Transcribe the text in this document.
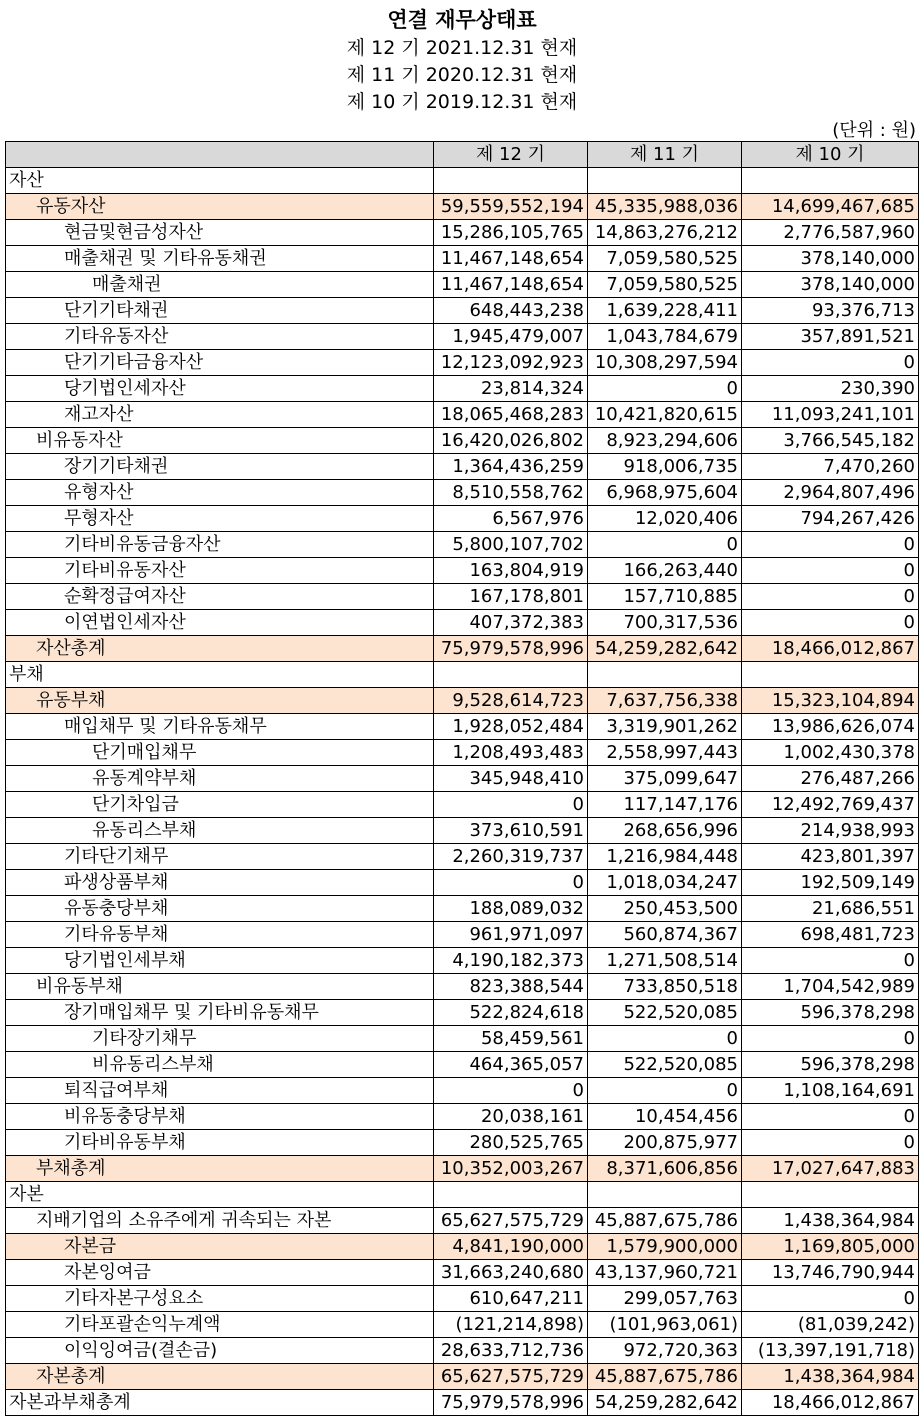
연결 재무상태표
제 12 기 2021.12.31 현재
제 11 기 2020.12.31 현재
제 10 기 2019.12.31 현재
(단위 : 원)
	제 12 기	제 11 기	제 10 기
자산			
유동자산	59,559,552,194	45,335,988,036	14,699,467,685
현금및현금성자산	15,286,105,765	14,863,276,212	2,776,587,960
매출채권 및 기타유동채권	11,467,148,654	7,059,580,525	378,140,000
매출채권	11,467,148,654	7,059,580,525	378,140,000
단기기타채권	648,443,238	1,639,228,411	93,376,713
기타유동자산	1,945,479,007	1,043,784,679	357,891,521
단기기타금융자산	12,123,092,923	10,308,297,594	0
당기법인세자산	23,814,324	0	230,390
재고자산	18,065,468,283	10,421,820,615	11,093,241,101
비유동자산	16,420,026,802	8,923,294,606	3,766,545,182
장기기타채권	1,364,436,259	918,006,735	7,470,260
유형자산	8,510,558,762	6,968,975,604	2,964,807,496
무형자산	6,567,976	12,020,406	794,267,426
기타비유동금융자산	5,800,107,702	0	0
기타비유동자산	163,804,919	166,263,440	0
순확정급여자산	167,178,801	157,710,885	0
이연법인세자산	407,372,383	700,317,536	0
자산총계	75,979,578,996	54,259,282,642	18,466,012,867
부채			
유동부채	9,528,614,723	7,637,756,338	15,323,104,894
매입채무 및 기타유동채무	1,928,052,484	3,319,901,262	13,986,626,074
단기매입채무	1,208,493,483	2,558,997,443	1,002,430,378
유동계약부채	345,948,410	375,099,647	276,487,266
단기차입금	0	117,147,176	12,492,769,437
유동리스부채	373,610,591	268,656,996	214,938,993
기타단기채무	2,260,319,737	1,216,984,448	423,801,397
파생상품부채	0	1,018,034,247	192,509,149
유동충당부채	188,089,032	250,453,500	21,686,551
기타유동부채	961,971,097	560,874,367	698,481,723
당기법인세부채	4,190,182,373	1,271,508,514	0
비유동부채	823,388,544	733,850,518	1,704,542,989
장기매입채무 및 기타비유동채무	522,824,618	522,520,085	596,378,298
기타장기채무	58,459,561	0	0
비유동리스부채	464,365,057	522,520,085	596,378,298
퇴직급여부채	0	0	1,108,164,691
비유동충당부채	20,038,161	10,454,456	0
기타비유동부채	280,525,765	200,875,977	0
부채총계	10,352,003,267	8,371,606,856	17,027,647,883
자본			
지배기업의 소유주에게 귀속되는 자본	65,627,575,729	45,887,675,786	1,438,364,984
자본금	4,841,190,000	1,579,900,000	1,169,805,000
자본잉여금	31,663,240,680	43,137,960,721	13,746,790,944
기타자본구성요소	610,647,211	299,057,763	0
기타포괄손익누계액	(121,214,898)	(101,963,061)	(81,039,242)
이익잉여금(결손금)	28,633,712,736	972,720,363	(13,397,191,718)
자본총계	65,627,575,729	45,887,675,786	1,438,364,984
자본과부채총계	75,979,578,996	54,259,282,642	18,466,012,867
